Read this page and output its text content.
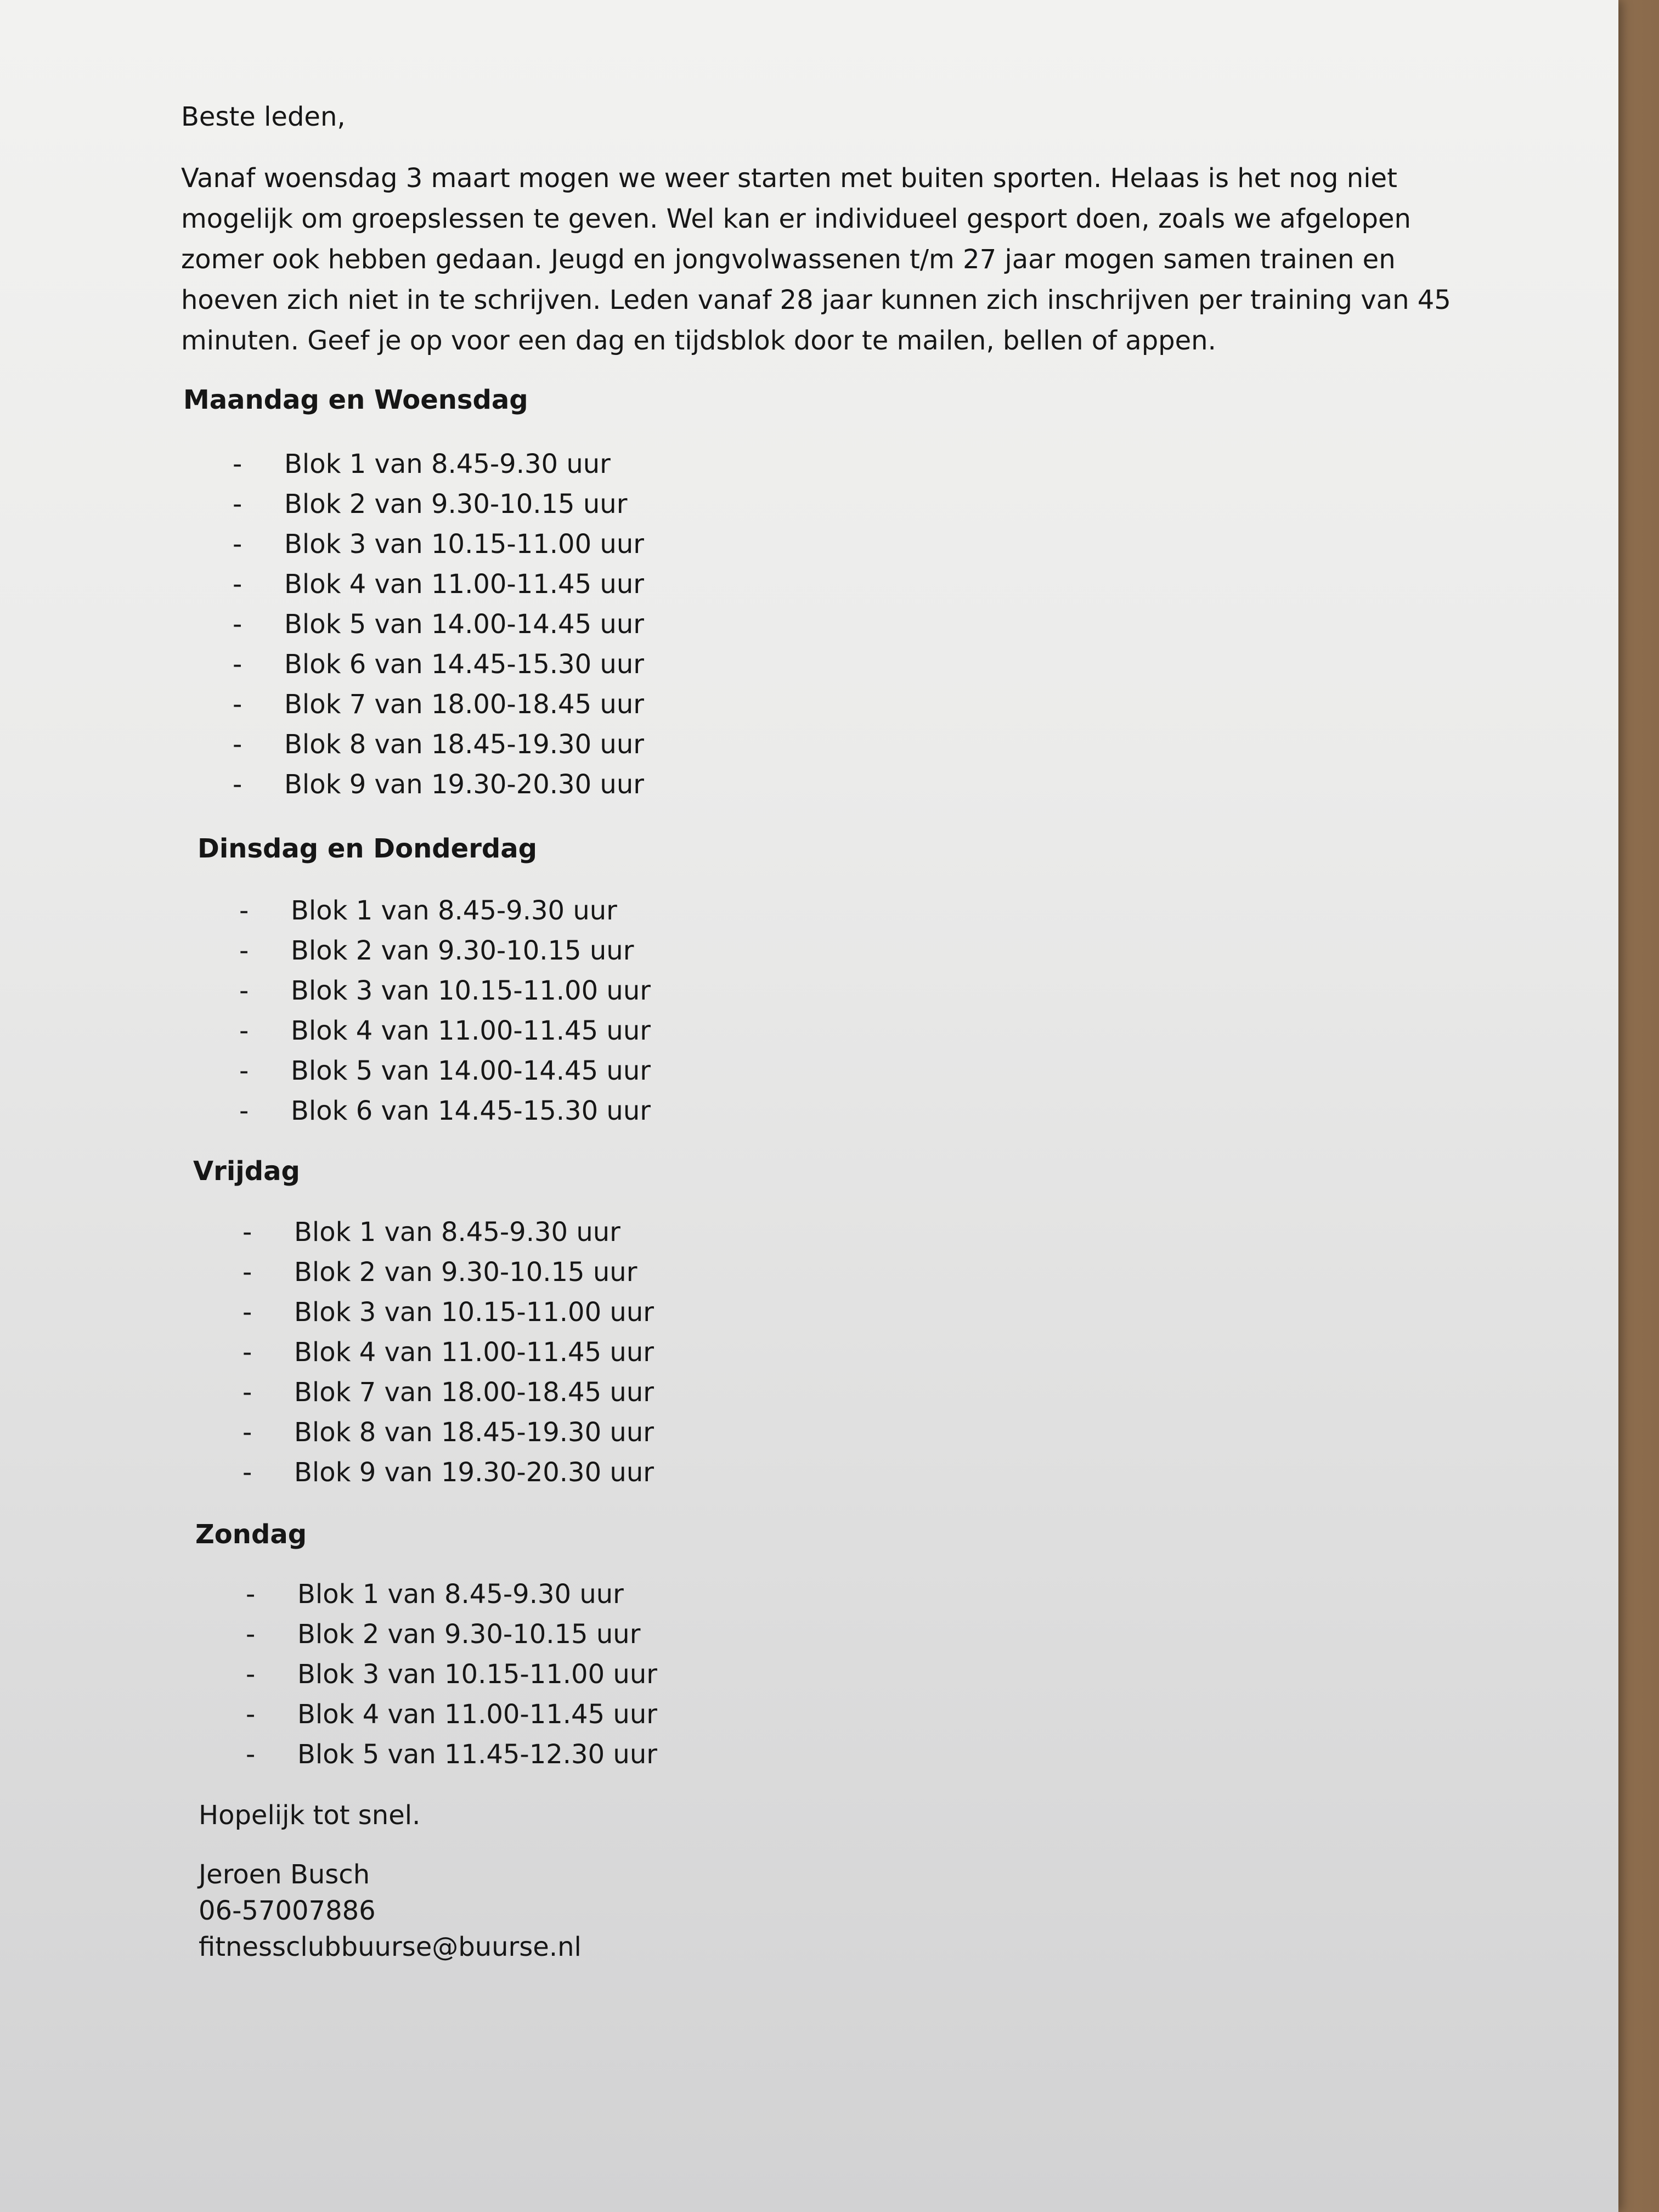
Beste leden,

Vanaf woensdag 3 maart mogen we weer starten met buiten sporten. Helaas is het nog niet mogelijk om groepslessen te geven. Wel kan er individueel gesport doen, zoals we afgelopen zomer ook hebben gedaan. Jeugd en jongvolwassenen t/m 27 jaar mogen samen trainen en hoeven zich niet in te schrijven. Leden vanaf 28 jaar kunnen zich inschrijven per training van 45 minuten. Geef je op voor een dag en tijdsblok door te mailen, bellen of appen.

Maandag en Woensdag
- Blok 1 van 8.45-9.30 uur
- Blok 2 van 9.30-10.15 uur
- Blok 3 van 10.15-11.00 uur
- Blok 4 van 11.00-11.45 uur
- Blok 5 van 14.00-14.45 uur
- Blok 6 van 14.45-15.30 uur
- Blok 7 van 18.00-18.45 uur
- Blok 8 van 18.45-19.30 uur
- Blok 9 van 19.30-20.30 uur
Dinsdag en Donderdag
- Blok 1 van 8.45-9.30 uur
- Blok 2 van 9.30-10.15 uur
- Blok 3 van 10.15-11.00 uur
- Blok 4 van 11.00-11.45 uur
- Blok 5 van 14.00-14.45 uur
- Blok 6 van 14.45-15.30 uur
Vrijdag
- Blok 1 van 8.45-9.30 uur
- Blok 2 van 9.30-10.15 uur
- Blok 3 van 10.15-11.00 uur
- Blok 4 van 11.00-11.45 uur
- Blok 7 van 18.00-18.45 uur
- Blok 8 van 18.45-19.30 uur
- Blok 9 van 19.30-20.30 uur
Zondag
- Blok 1 van 8.45-9.30 uur
- Blok 2 van 9.30-10.15 uur
- Blok 3 van 10.15-11.00 uur
- Blok 4 van 11.00-11.45 uur
- Blok 5 van 11.45-12.30 uur

Hopelijk tot snel.

Jeroen Busch
06-57007886
fitnessclubbuurse@buurse.nl
